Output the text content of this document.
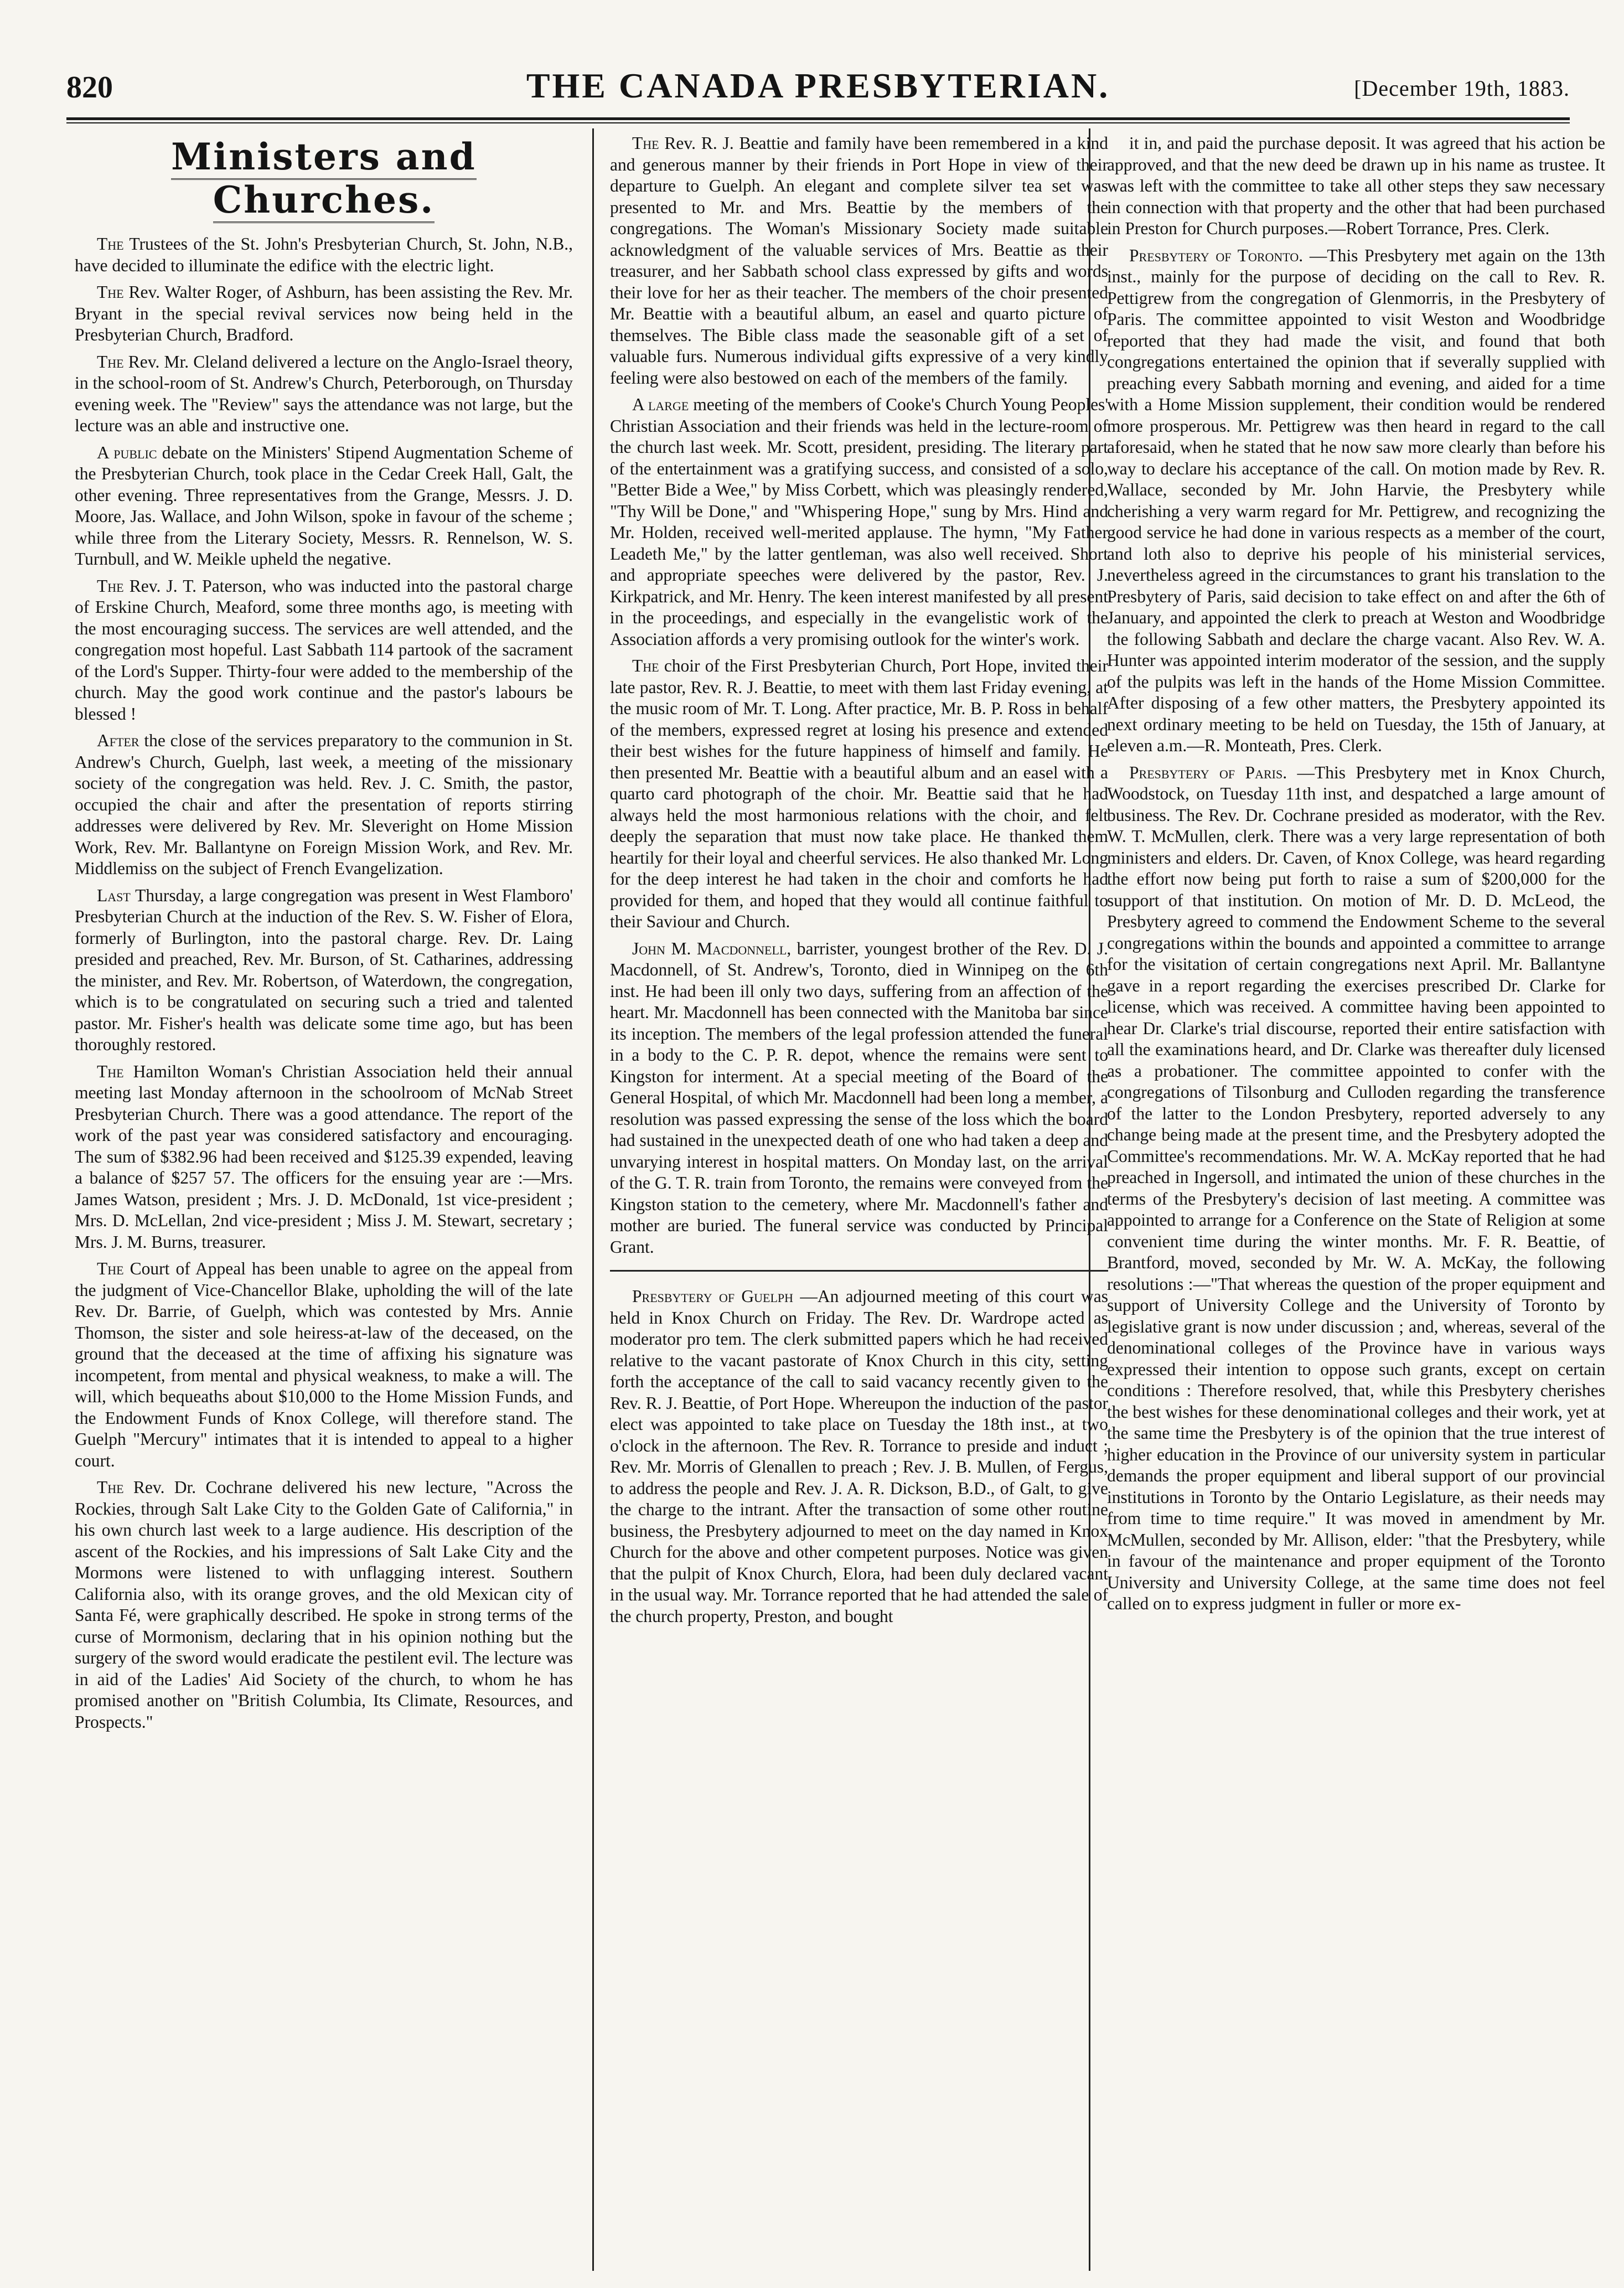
820	THE CANADA PRESBYTERIAN.	[December 19th, 1883.
Ministers and Churches.

The Trustees of the St. John's Presbyterian Church, St. John, N.B., have decided to illuminate the edifice with the electric light.

The Rev. Walter Roger, of Ashburn, has been assisting the Rev. Mr. Bryant in the special revival services now being held in the Presbyterian Church, Bradford.

The Rev. Mr. Cleland delivered a lecture on the Anglo-Israel theory, in the school-room of St. Andrew's Church, Peterborough, on Thursday evening week. The "Review" says the attendance was not large, but the lecture was an able and instructive one.

A public debate on the Ministers' Stipend Augmentation Scheme of the Presbyterian Church, took place in the Cedar Creek Hall, Galt, the other evening. Three representatives from the Grange, Messrs. J. D. Moore, Jas. Wallace, and John Wilson, spoke in favour of the scheme ; while three from the Literary Society, Messrs. R. Rennelson, W. S. Turnbull, and W. Meikle upheld the negative.

The Rev. J. T. Paterson, who was inducted into the pastoral charge of Erskine Church, Meaford, some three months ago, is meeting with the most encouraging success. The services are well attended, and the congregation most hopeful. Last Sabbath 114 partook of the sacrament of the Lord's Supper. Thirty-four were added to the membership of the church. May the good work continue and the pastor's labours be blessed !

After the close of the services preparatory to the communion in St. Andrew's Church, Guelph, last week, a meeting of the missionary society of the congregation was held. Rev. J. C. Smith, the pastor, occupied the chair and after the presentation of reports stirring addresses were delivered by Rev. Mr. Sleveright on Home Mission Work, Rev. Mr. Ballantyne on Foreign Mission Work, and Rev. Mr. Middlemiss on the subject of French Evangelization.

Last Thursday, a large congregation was present in West Flamboro' Presbyterian Church at the induction of the Rev. S. W. Fisher of Elora, formerly of Burlington, into the pastoral charge. Rev. Dr. Laing presided and preached, Rev. Mr. Burson, of St. Catharines, addressing the minister, and Rev. Mr. Robertson, of Waterdown, the congregation, which is to be congratulated on securing such a tried and talented pastor. Mr. Fisher's health was delicate some time ago, but has been thoroughly restored.

The Hamilton Woman's Christian Association held their annual meeting last Monday afternoon in the schoolroom of McNab Street Presbyterian Church. There was a good attendance. The report of the work of the past year was considered satisfactory and encouraging. The sum of $382.96 had been received and $125.39 expended, leaving a balance of $257 57. The officers for the ensuing year are :—Mrs. James Watson, president ; Mrs. J. D. McDonald, 1st vice-president ; Mrs. D. McLellan, 2nd vice-president ; Miss J. M. Stewart, secretary ; Mrs. J. M. Burns, treasurer.

The Court of Appeal has been unable to agree on the appeal from the judgment of Vice-Chancellor Blake, upholding the will of the late Rev. Dr. Barrie, of Guelph, which was contested by Mrs. Annie Thomson, the sister and sole heiress-at-law of the deceased, on the ground that the deceased at the time of affixing his signature was incompetent, from mental and physical weakness, to make a will. The will, which bequeaths about $10,000 to the Home Mission Funds, and the Endowment Funds of Knox College, will therefore stand. The Guelph "Mercury" intimates that it is intended to appeal to a higher court.

The Rev. Dr. Cochrane delivered his new lecture, "Across the Rockies, through Salt Lake City to the Golden Gate of California," in his own church last week to a large audience. His description of the ascent of the Rockies, and his impressions of Salt Lake City and the Mormons were listened to with unflagging interest. Southern California also, with its orange groves, and the old Mexican city of Santa Fé, were graphically described. He spoke in strong terms of the curse of Mormonism, declaring that in his opinion nothing but the surgery of the sword would eradicate the pestilent evil. The lecture was in aid of the Ladies' Aid Society of the church, to whom he has promised another on "British Columbia, Its Climate, Resources, and Prospects."

The Rev. R. J. Beattie and family have been remembered in a kind and generous manner by their friends in Port Hope in view of their departure to Guelph. An elegant and complete silver tea set was presented to Mr. and Mrs. Beattie by the members of the congregations. The Woman's Missionary Society made suitable acknowledgment of the valuable services of Mrs. Beattie as their treasurer, and her Sabbath school class expressed by gifts and words their love for her as their teacher. The members of the choir presented Mr. Beattie with a beautiful album, an easel and quarto picture of themselves. The Bible class made the seasonable gift of a set of valuable furs. Numerous individual gifts expressive of a very kindly feeling were also bestowed on each of the members of the family.

A large meeting of the members of Cooke's Church Young Peoples' Christian Association and their friends was held in the lecture-room of the church last week. Mr. Scott, president, presiding. The literary part of the entertainment was a gratifying success, and consisted of a solo, "Better Bide a Wee," by Miss Corbett, which was pleasingly rendered, "Thy Will be Done," and "Whispering Hope," sung by Mrs. Hind and Mr. Holden, received well-merited applause. The hymn, "My Father Leadeth Me," by the latter gentleman, was also well received. Short and appropriate speeches were delivered by the pastor, Rev. J. Kirkpatrick, and Mr. Henry. The keen interest manifested by all present in the proceedings, and especially in the evangelistic work of the Association affords a very promising outlook for the winter's work.

The choir of the First Presbyterian Church, Port Hope, invited their late pastor, Rev. R. J. Beattie, to meet with them last Friday evening, at the music room of Mr. T. Long. After practice, Mr. B. P. Ross in behalf of the members, expressed regret at losing his presence and extended their best wishes for the future happiness of himself and family. He then presented Mr. Beattie with a beautiful album and an easel with a quarto card photograph of the choir. Mr. Beattie said that he had always held the most harmonious relations with the choir, and felt deeply the separation that must now take place. He thanked them heartily for their loyal and cheerful services. He also thanked Mr. Long for the deep interest he had taken in the choir and comforts he had provided for them, and hoped that they would all continue faithful to their Saviour and Church.

John M. Macdonnell, barrister, youngest brother of the Rev. D. J. Macdonnell, of St. Andrew's, Toronto, died in Winnipeg on the 6th inst. He had been ill only two days, suffering from an affection of the heart. Mr. Macdonnell has been connected with the Manitoba bar since its inception. The members of the legal profession attended the funeral in a body to the C. P. R. depot, whence the remains were sent to Kingston for interment. At a special meeting of the Board of the General Hospital, of which Mr. Macdonnell had been long a member, a resolution was passed expressing the sense of the loss which the board had sustained in the unexpected death of one who had taken a deep and unvarying interest in hospital matters. On Monday last, on the arrival of the G. T. R. train from Toronto, the remains were conveyed from the Kingston station to the cemetery, where Mr. Macdonnell's father and mother are buried. The funeral service was conducted by Principal Grant.

Presbytery of Guelph —An adjourned meeting of this court was held in Knox Church on Friday. The Rev. Dr. Wardrope acted as moderator pro tem. The clerk submitted papers which he had received relative to the vacant pastorate of Knox Church in this city, setting forth the acceptance of the call to said vacancy recently given to the Rev. R. J. Beattie, of Port Hope. Whereupon the induction of the pastor elect was appointed to take place on Tuesday the 18th inst., at two o'clock in the afternoon. The Rev. R. Torrance to preside and induct ; Rev. Mr. Morris of Glenallen to preach ; Rev. J. B. Mullen, of Fergus, to address the people and Rev. J. A. R. Dickson, B.D., of Galt, to give the charge to the intrant. After the transaction of some other routine business, the Presbytery adjourned to meet on the day named in Knox Church for the above and other competent purposes. Notice was given that the pulpit of Knox Church, Elora, had been duly declared vacant in the usual way. Mr. Torrance reported that he had attended the sale of the church property, Preston, and bought

it in, and paid the purchase deposit. It was agreed that his action be approved, and that the new deed be drawn up in his name as trustee. It was left with the committee to take all other steps they saw necessary in connection with that property and the other that had been purchased in Preston for Church purposes.—Robert Torrance, Pres. Clerk.

Presbytery of Toronto. —This Presbytery met again on the 13th inst., mainly for the purpose of deciding on the call to Rev. R. Pettigrew from the congregation of Glenmorris, in the Presbytery of Paris. The committee appointed to visit Weston and Woodbridge reported that they had made the visit, and found that both congregations entertained the opinion that if severally supplied with preaching every Sabbath morning and evening, and aided for a time with a Home Mission supplement, their condition would be rendered more prosperous. Mr. Pettigrew was then heard in regard to the call aforesaid, when he stated that he now saw more clearly than before his way to declare his acceptance of the call. On motion made by Rev. R. Wallace, seconded by Mr. John Harvie, the Presbytery while cherishing a very warm regard for Mr. Pettigrew, and recognizing the good service he had done in various respects as a member of the court, and loth also to deprive his people of his ministerial services, nevertheless agreed in the circumstances to grant his translation to the Presbytery of Paris, said decision to take effect on and after the 6th of January, and appointed the clerk to preach at Weston and Woodbridge the following Sabbath and declare the charge vacant. Also Rev. W. A. Hunter was appointed interim moderator of the session, and the supply of the pulpits was left in the hands of the Home Mission Committee. After disposing of a few other matters, the Presbytery appointed its next ordinary meeting to be held on Tuesday, the 15th of January, at eleven a.m.—R. Monteath, Pres. Clerk.

Presbytery of Paris. —This Presbytery met in Knox Church, Woodstock, on Tuesday 11th inst, and despatched a large amount of business. The Rev. Dr. Cochrane presided as moderator, with the Rev. W. T. McMullen, clerk. There was a very large representation of both ministers and elders. Dr. Caven, of Knox College, was heard regarding the effort now being put forth to raise a sum of $200,000 for the support of that institution. On motion of Mr. D. D. McLeod, the Presbytery agreed to commend the Endowment Scheme to the several congregations within the bounds and appointed a committee to arrange for the visitation of certain congregations next April. Mr. Ballantyne gave in a report regarding the exercises prescribed Dr. Clarke for license, which was received. A committee having been appointed to hear Dr. Clarke's trial discourse, reported their entire satisfaction with all the examinations heard, and Dr. Clarke was thereafter duly licensed as a probationer. The committee appointed to confer with the congregations of Tilsonburg and Culloden regarding the transference of the latter to the London Presbytery, reported adversely to any change being made at the present time, and the Presbytery adopted the Committee's recommendations. Mr. W. A. McKay reported that he had preached in Ingersoll, and intimated the union of these churches in the terms of the Presbytery's decision of last meeting. A committee was appointed to arrange for a Conference on the State of Religion at some convenient time during the winter months. Mr. F. R. Beattie, of Brantford, moved, seconded by Mr. W. A. McKay, the following resolutions :—"That whereas the question of the proper equipment and support of University College and the University of Toronto by legislative grant is now under discussion ; and, whereas, several of the denominational colleges of the Province have in various ways expressed their intention to oppose such grants, except on certain conditions : Therefore resolved, that, while this Presbytery cherishes the best wishes for these denominational colleges and their work, yet at the same time the Presbytery is of the opinion that the true interest of higher education in the Province of our university system in particular demands the proper equipment and liberal support of our provincial institutions in Toronto by the Ontario Legislature, as their needs may from time to time require." It was moved in amendment by Mr. McMullen, seconded by Mr. Allison, elder: "that the Presbytery, while in favour of the maintenance and proper equipment of the Toronto University and University College, at the same time does not feel called on to express judgment in fuller or more ex-
